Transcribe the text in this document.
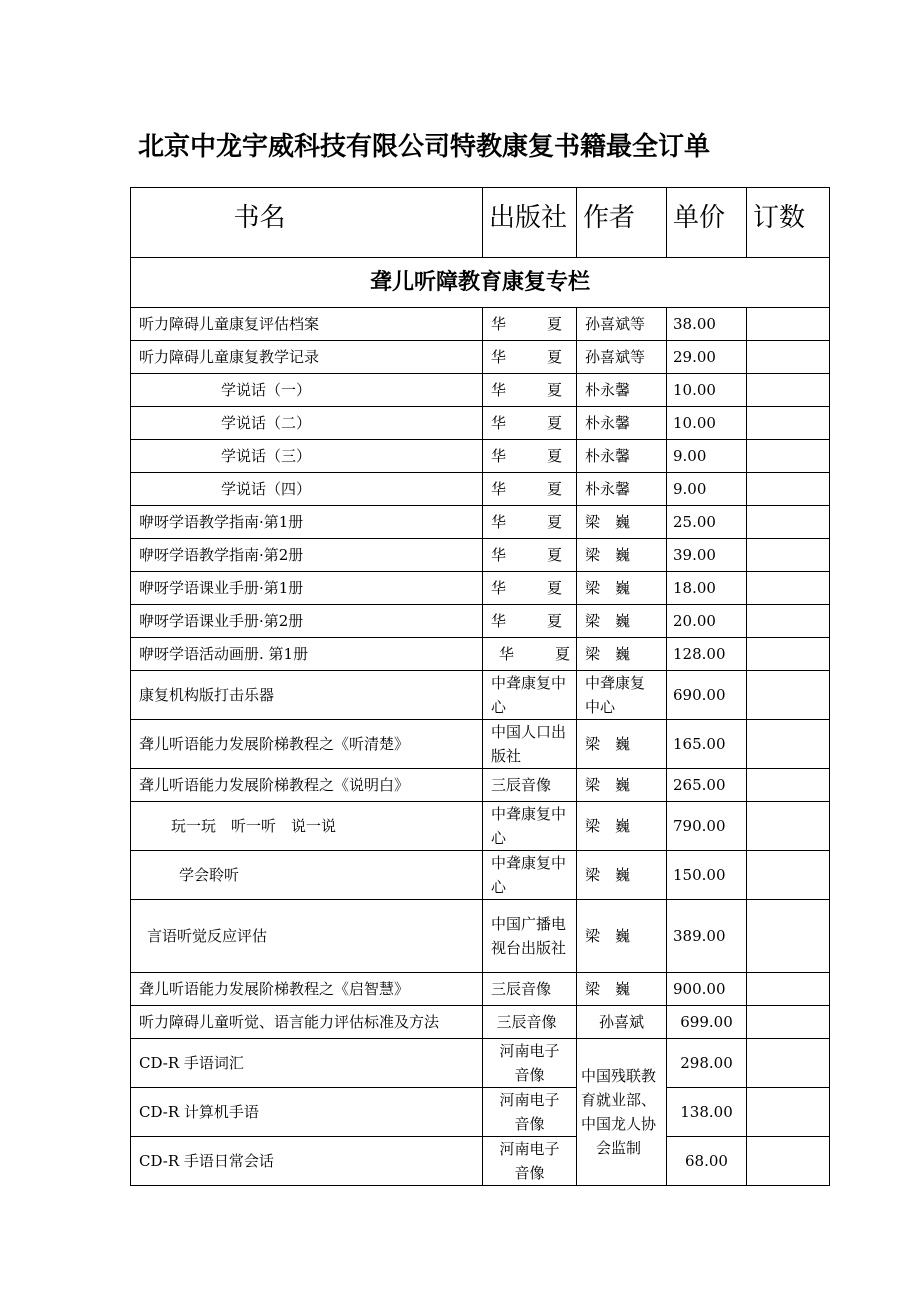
北京中龙宇威科技有限公司特教康复书籍最全订单
书名	出版社	作者	单价	订数
聋儿听障教育康复专栏				
听力障碍儿童康复评估档案	华 夏	孙喜斌等	38.00	
听力障碍儿童康复教学记录	华 夏	孙喜斌等	29.00	
学说话（一）	华 夏	朴永馨	10.00	
学说话（二）	华 夏	朴永馨	10.00	
学说话（三）	华 夏	朴永馨	9.00	
学说话（四）	华 夏	朴永馨	9.00	
咿呀学语教学指南·第1册	华 夏	梁　巍	25.00	
咿呀学语教学指南·第2册	华 夏	梁　巍	39.00	
咿呀学语课业手册·第1册	华 夏	梁　巍	18.00	
咿呀学语课业手册·第2册	华 夏	梁　巍	20.00	
咿呀学语活动画册. 第1册	华 夏	梁　巍	128.00	
康复机构版打击乐器	中聋康复中心	中聋康复中心	690.00	
聋儿听语能力发展阶梯教程之《听清楚》	中国人口出版社	梁　巍	165.00	
聋儿听语能力发展阶梯教程之《说明白》	三辰音像	梁　巍	265.00	
玩一玩　听一听　说一说	中聋康复中心	梁　巍	790.00	
学会聆听	中聋康复中心	梁　巍	150.00	
言语听觉反应评估	中国广播电视台出版社	梁　巍	389.00	
聋儿听语能力发展阶梯教程之《启智慧》	三辰音像	梁　巍	900.00	
听力障碍儿童听觉、语言能力评估标准及方法	三辰音像	孙喜斌	699.00	
CD-R 手语词汇	河南电子音像	中国残联教育就业部、中国龙人协会监制	298.00	
CD-R 计算机手语	河南电子音像		138.00	
CD-R 手语日常会话	河南电子音像		68.00	
